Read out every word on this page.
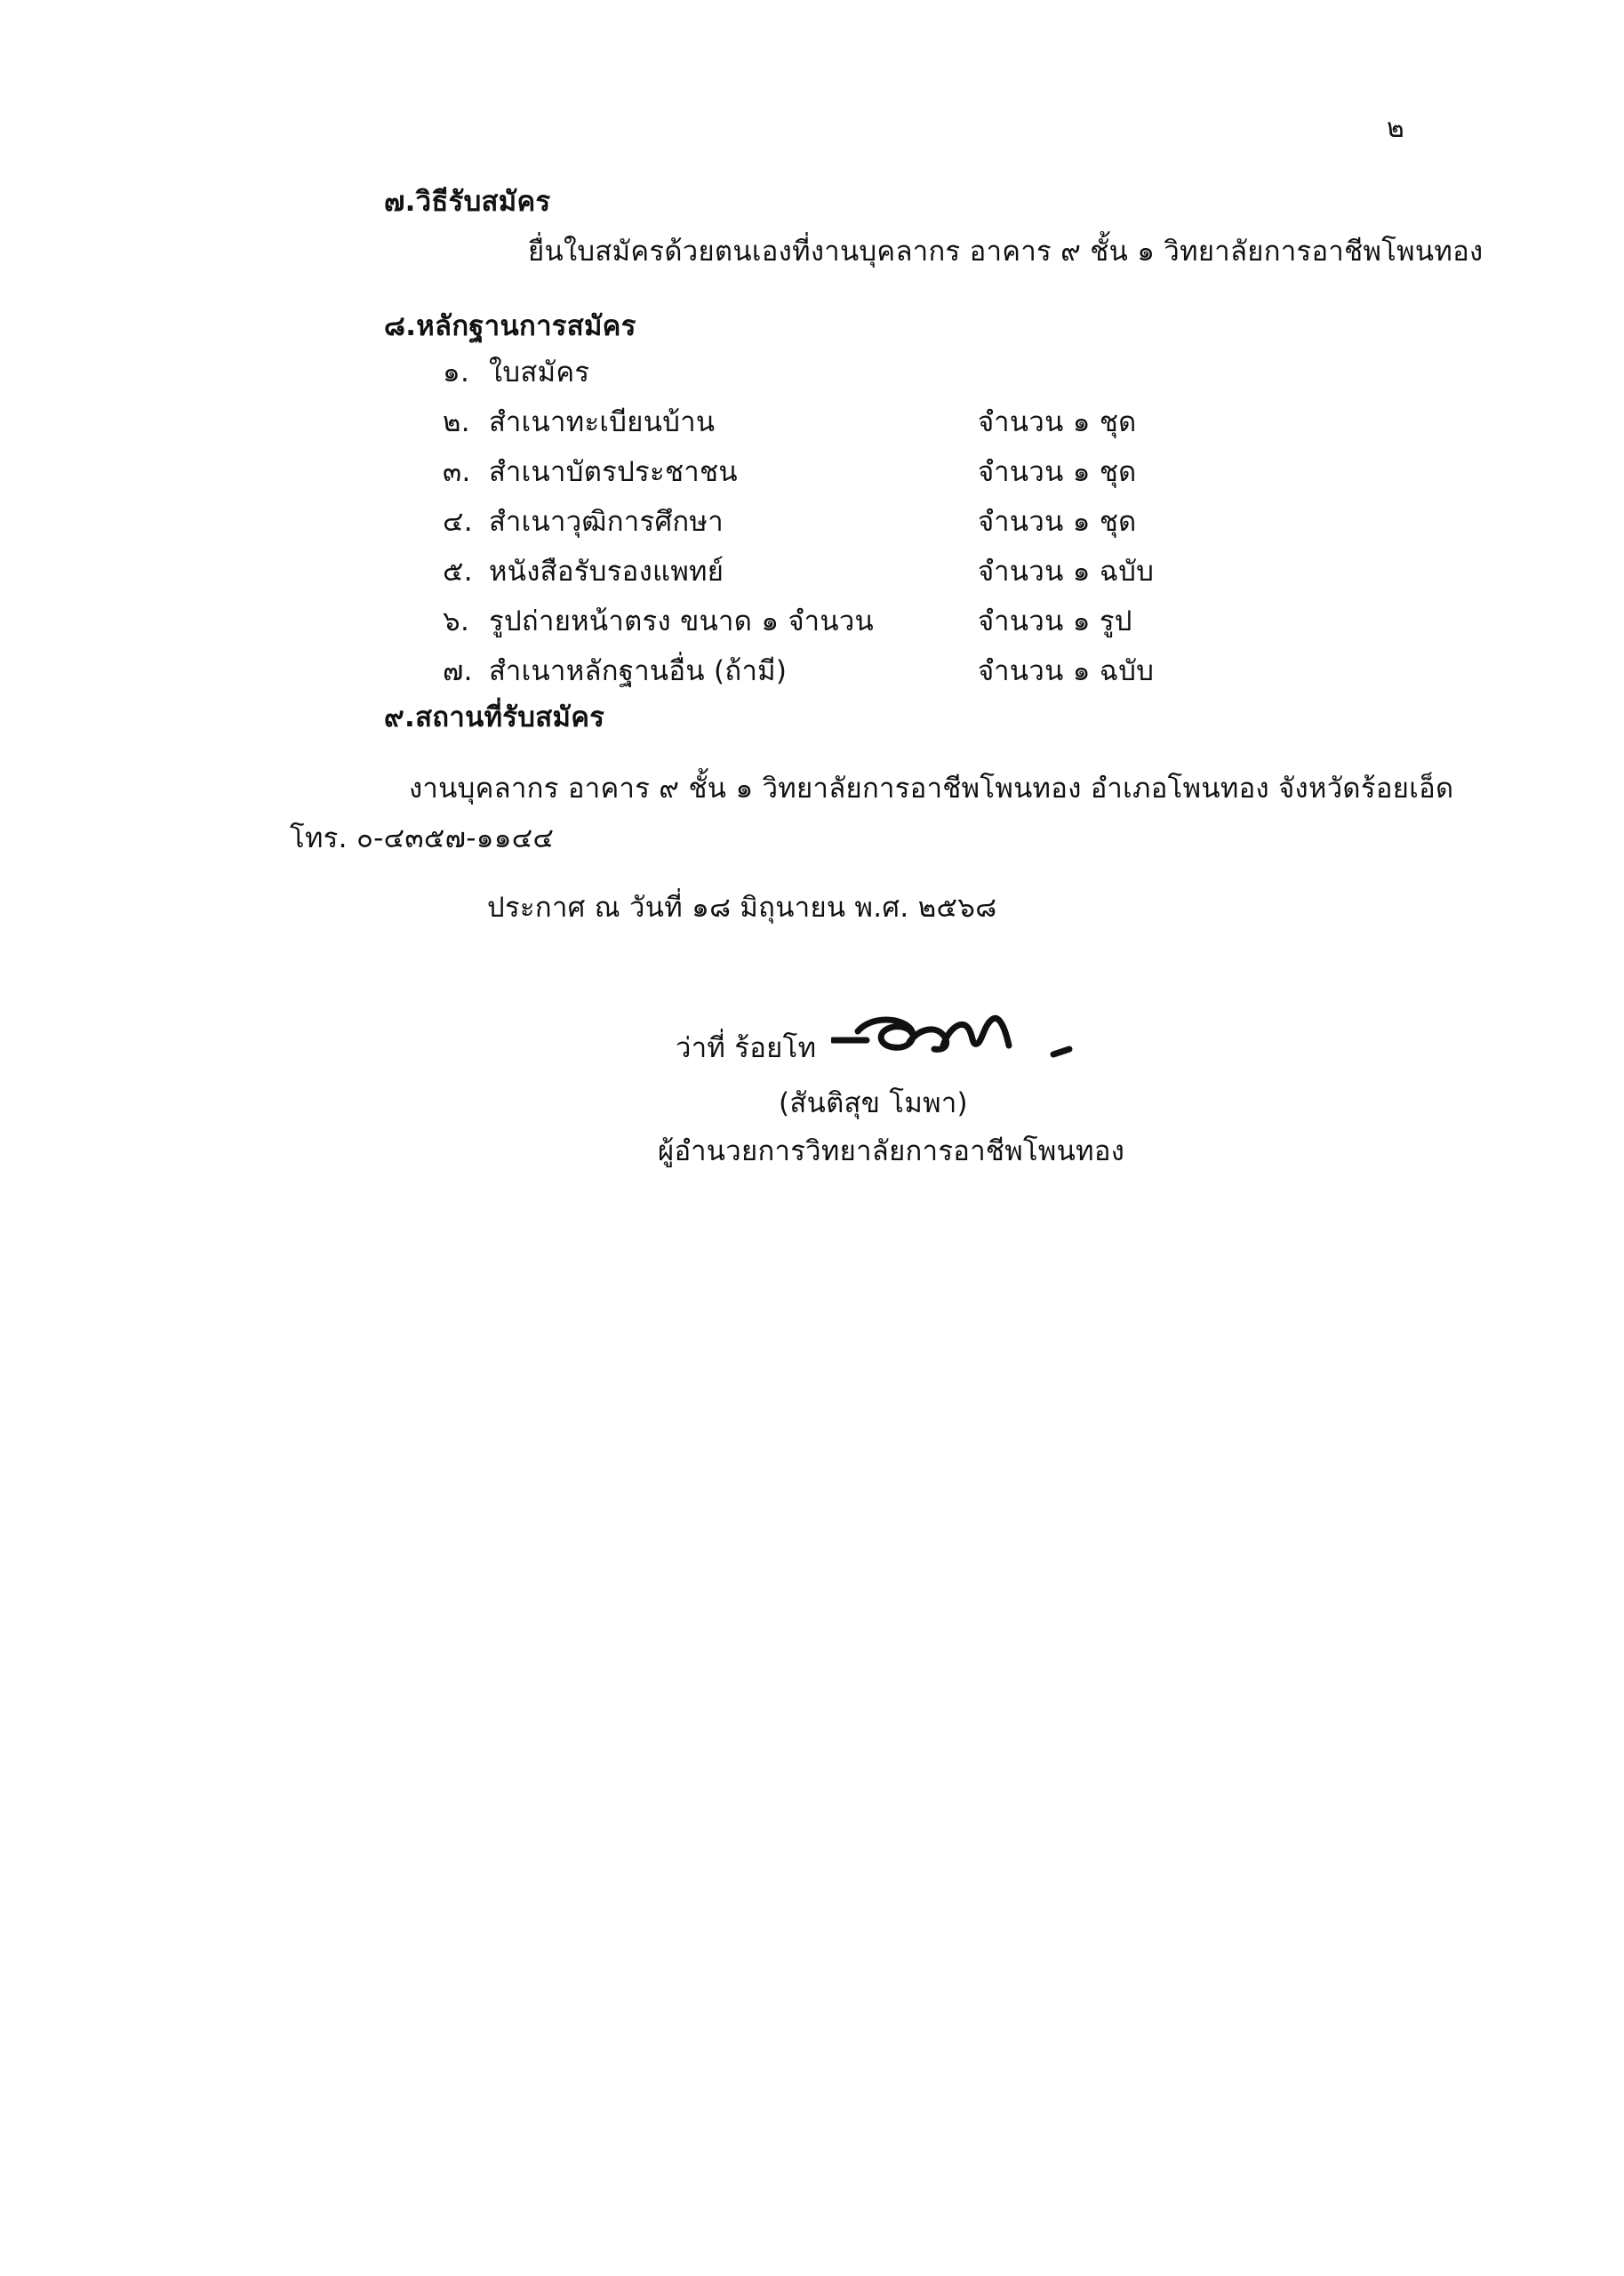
๒
๗.วิธีรับสมัคร
ยื่นใบสมัครด้วยตนเองที่งานบุคลากร อาคาร ๙ ชั้น ๑ วิทยาลัยการอาชีพโพนทอง
๘.หลักฐานการสมัคร
๑. ใบสมัคร
๒. สำเนาทะเบียนบ้าน	จำนวน ๑ ชุด
๓. สำเนาบัตรประชาชน	จำนวน ๑ ชุด
๔. สำเนาวุฒิการศึกษา	จำนวน ๑ ชุด
๕. หนังสือรับรองแพทย์	จำนวน ๑ ฉบับ
๖. รูปถ่ายหน้าตรง ขนาด ๑ จำนวน	จำนวน ๑ รูป
๗. สำเนาหลักฐานอื่น (ถ้ามี)	จำนวน ๑ ฉบับ
๙.สถานที่รับสมัคร
งานบุคลากร อาคาร ๙ ชั้น ๑ วิทยาลัยการอาชีพโพนทอง อำเภอโพนทอง จังหวัดร้อยเอ็ด
โทร. ๐-๔๓๕๗-๑๑๔๔
ประกาศ ณ วันที่ ๑๘ มิถุนายน พ.ศ. ๒๕๖๘
ว่าที่ ร้อยโท
(สันติสุข โมพา)
ผู้อำนวยการวิทยาลัยการอาชีพโพนทอง
